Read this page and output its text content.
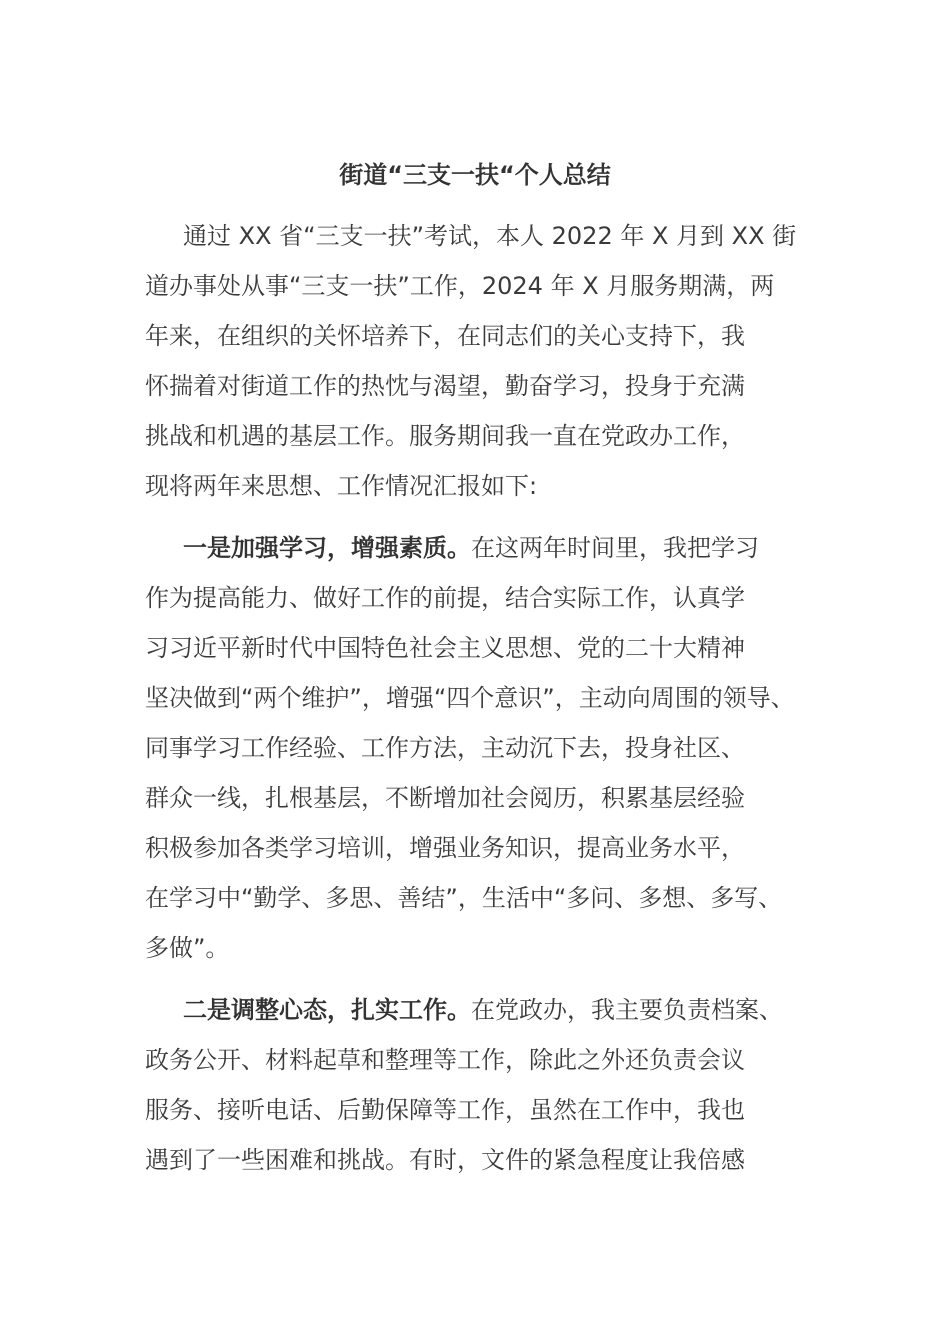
街道“三支一扶“个人总结
通过 XX 省“三支一扶”考试，本人 2022 年 X 月到 XX 街
道办事处从事“三支一扶”工作，2024 年 X 月服务期满，两
年来，在组织的关怀培养下，在同志们的关心支持下，我
怀揣着对街道工作的热忱与渴望，勤奋学习，投身于充满
挑战和机遇的基层工作。服务期间我一直在党政办工作，
现将两年来思想、工作情况汇报如下:
一是加强学习，增强素质。在这两年时间里，我把学习
作为提高能力、做好工作的前提，结合实际工作，认真学
习习近平新时代中国特色社会主义思想、党的二十大精神
坚决做到“两个维护”，增强“四个意识”，主动向周围的领导、
同事学习工作经验、工作方法，主动沉下去，投身社区、
群众一线，扎根基层，不断增加社会阅历，积累基层经验
积极参加各类学习培训，增强业务知识，提高业务水平，
在学习中“勤学、多思、善结”，生活中“多问、多想、多写、
多做”。
二是调整心态，扎实工作。在党政办，我主要负责档案、
政务公开、材料起草和整理等工作，除此之外还负责会议
服务、接听电话、后勤保障等工作，虽然在工作中，我也
遇到了一些困难和挑战。有时，文件的紧急程度让我倍感
